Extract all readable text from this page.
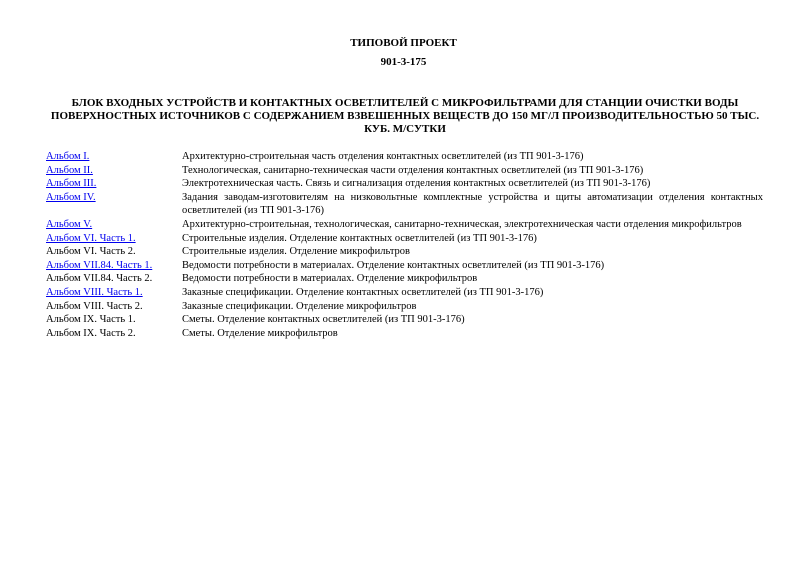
ТИПОВОЙ ПРОЕКТ
901-3-175
БЛОК ВХОДНЫХ УСТРОЙСТВ И КОНТАКТНЫХ ОСВЕТЛИТЕЛЕЙ С МИКРОФИЛЬТРАМИ ДЛЯ СТАНЦИИ ОЧИСТКИ ВОДЫ ПОВЕРХНОСТНЫХ ИСТОЧНИКОВ С СОДЕРЖАНИЕМ ВЗВЕШЕННЫХ ВЕЩЕСТВ ДО 150 МГ/Л ПРОИЗВОДИТЕЛЬНОСТЬЮ 50 ТЫС. КУБ. М/СУТКИ
Альбом I.	Архитектурно-строительная часть отделения контактных осветлителей (из ТП 901-3-176)
Альбом II.	Технологическая, санитарно-техническая части отделения контактных осветлителей (из ТП 901-3-176)
Альбом III.	Электротехническая часть. Связь и сигнализация отделения контактных осветлителей (из ТП 901-3-176)
Альбом IV.	Задания заводам-изготовителям на низковольтные комплектные устройства и щиты автоматизации отделения контактных осветлителей (из ТП 901-3-176)
Альбом V.	Архитектурно-строительная, технологическая, санитарно-техническая, электротехническая части отделения микрофильтров
Альбом VI. Часть 1.	Строительные изделия. Отделение контактных осветлителей (из ТП 901-3-176)
Альбом VI. Часть 2.	Строительные изделия. Отделение микрофильтров
Альбом VII.84. Часть 1.	Ведомости потребности в материалах. Отделение контактных осветлителей (из ТП 901-3-176)
Альбом VII.84. Часть 2.	Ведомости потребности в материалах. Отделение микрофильтров
Альбом VIII. Часть 1.	Заказные спецификации. Отделение контактных осветлителей (из ТП 901-3-176)
Альбом VIII. Часть 2.	Заказные спецификации. Отделение микрофильтров
Альбом IX. Часть 1.	Сметы. Отделение контактных осветлителей (из ТП 901-3-176)
Альбом IX. Часть 2.	Сметы. Отделение микрофильтров
